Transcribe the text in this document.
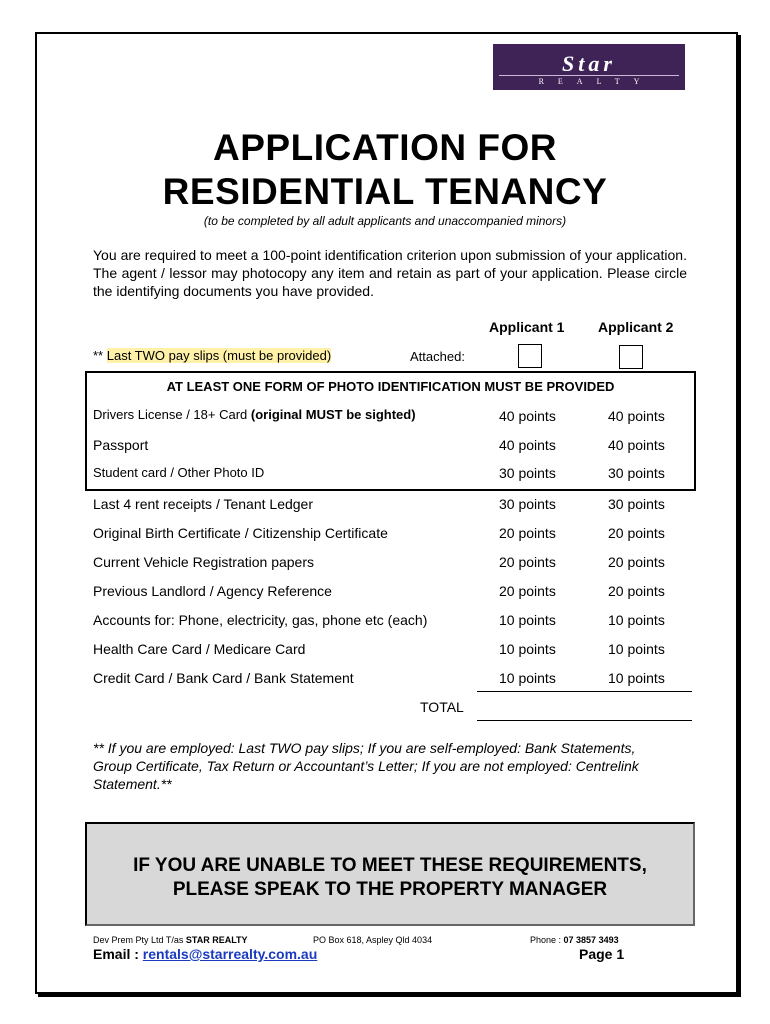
Star
REALTY
APPLICATION FOR
RESIDENTIAL TENANCY
(to be completed by all adult applicants and unaccompanied minors)
You are required to meet a 100-point identification criterion upon submission of your application. The agent / lessor may photocopy any item and retain as part of your application. Please circle the identifying documents you have provided.
Applicant 1 Applicant 2
** Last TWO pay slips (must be provided)	Attached:
AT LEAST ONE FORM OF PHOTO IDENTIFICATION MUST BE PROVIDED
Drivers License / 18+ Card (original MUST be sighted)	40 points	40 points
Passport	40 points	40 points
Student card / Other Photo ID	30 points	30 points
Last 4 rent receipts / Tenant Ledger	30 points	30 points
Original Birth Certificate / Citizenship Certificate	20 points	20 points
Current Vehicle Registration papers	20 points	20 points
Previous Landlord / Agency Reference	20 points	20 points
Accounts for: Phone, electricity, gas, phone etc (each)	10 points	10 points
Health Care Card / Medicare Card	10 points	10 points
Credit Card / Bank Card / Bank Statement	10 points	10 points
TOTAL
** If you are employed: Last TWO pay slips; If you are self-employed: Bank Statements, Group Certificate, Tax Return or Accountant’s Letter; If you are not employed: Centrelink Statement.**
IF YOU ARE UNABLE TO MEET THESE REQUIREMENTS,
PLEASE SPEAK TO THE PROPERTY MANAGER
Dev Prem Pty Ltd T/as STAR REALTY	PO Box 618, Aspley Qld 4034	Phone : 07 3857 3493
Email : rentals@starrealty.com.au	Page 1
